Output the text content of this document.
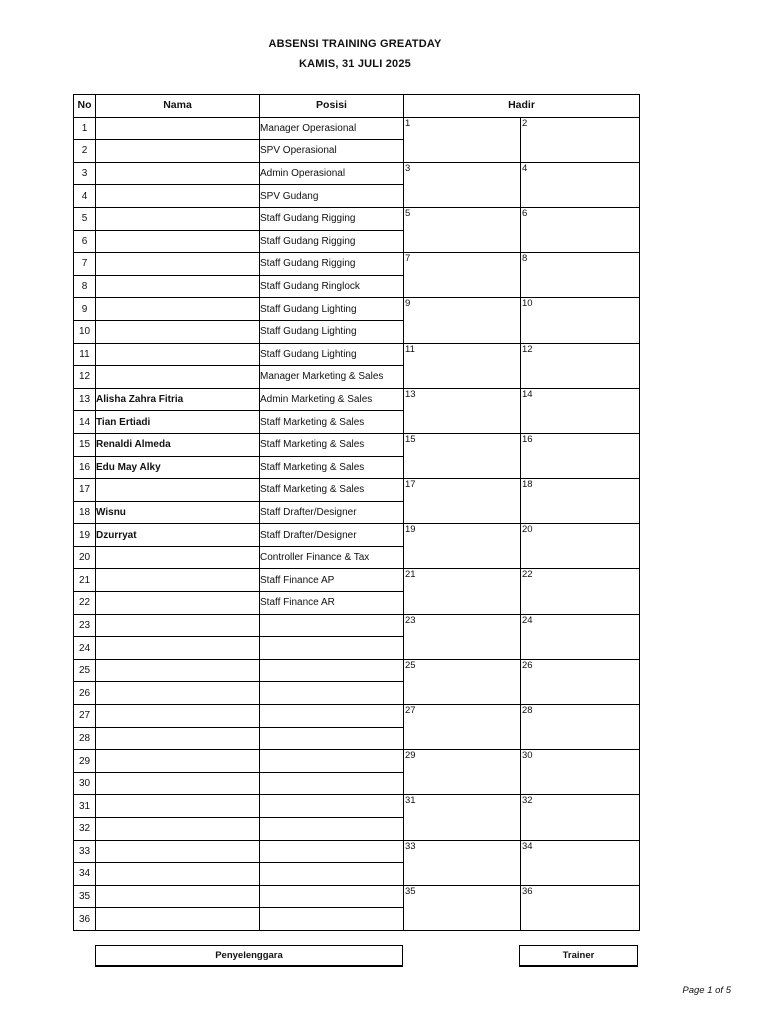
ABSENSI TRAINING GREATDAY
KAMIS, 31 JULI 2025
No	Nama	Posisi	Hadir	
1		Manager Operasional	1	2
2		SPV Operasional		
3		Admin Operasional	3	4
4		SPV Gudang		
5		Staff Gudang Rigging	5	6
6		Staff Gudang Rigging		
7		Staff Gudang Rigging	7	8
8		Staff Gudang Ringlock		
9		Staff Gudang Lighting	9	10
10		Staff Gudang Lighting		
11		Staff Gudang Lighting	11	12
12		Manager Marketing & Sales		
13	Alisha Zahra Fitria	Admin Marketing & Sales	13	14
14	Tian Ertiadi	Staff Marketing & Sales		
15	Renaldi Almeda	Staff Marketing & Sales	15	16
16	Edu May Alky	Staff Marketing & Sales		
17		Staff Marketing & Sales	17	18
18	Wisnu	Staff Drafter/Designer		
19	Dzurryat	Staff Drafter/Designer	19	20
20		Controller Finance & Tax		
21		Staff Finance AP	21	22
22		Staff Finance AR		
23			23	24
24				
25			25	26
26				
27			27	28
28				
29			29	30
30				
31			31	32
32				
33			33	34
34				
35			35	36
36				
Penyelenggara	Trainer
Page 1 of 5
